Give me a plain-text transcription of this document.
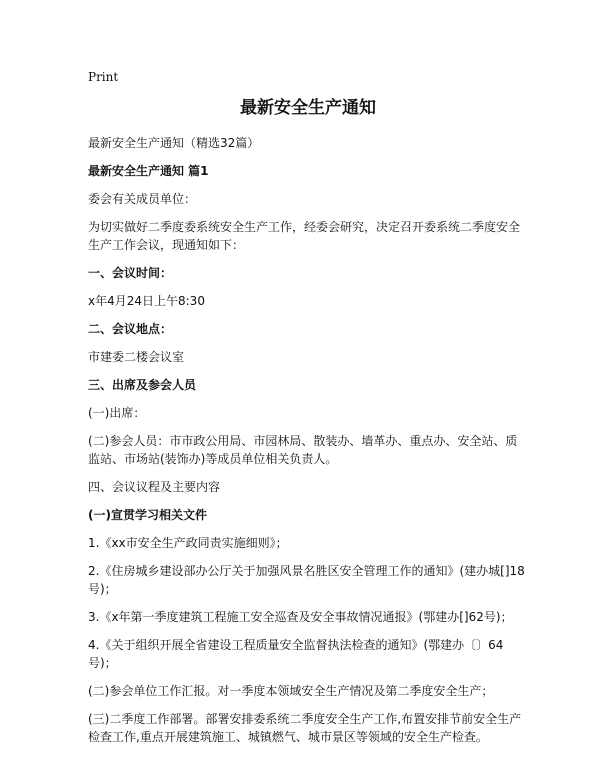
Print
最新安全生产通知
最新安全生产通知（精选32篇）
最新安全生产通知 篇1
委会有关成员单位：
为切实做好二季度委系统安全生产工作，经委会研究，决定召开委系统二季度安全生产工作会议，现通知如下：
一、会议时间：
x年4月24日上午8:30
二、会议地点：
市建委二楼会议室
三、出席及参会人员
(一)出席：
(二)参会人员：市市政公用局、市园林局、散装办、墙革办、重点办、安全站、质监站、市场站(装饰办)等成员单位相关负责人。
四、会议议程及主要内容
(一)宣贯学习相关文件
1.《xx市安全生产政同责实施细则》；
2.《住房城乡建设部办公厅关于加强风景名胜区安全管理工作的通知》(建办城[]18号)；
3.《x年第一季度建筑工程施工安全巡查及安全事故情况通报》(鄂建办[]62号)；
4.《关于组织开展全省建设工程质量安全监督执法检查的通知》(鄂建办〔〕64号)；
(二)参会单位工作汇报。对一季度本领域安全生产情况及第二季度安全生产；
(三)二季度工作部署。部署安排委系统二季度安全生产工作,布置安排节前安全生产检查工作,重点开展建筑施工、城镇燃气、城市景区等领域的安全生产检查。
